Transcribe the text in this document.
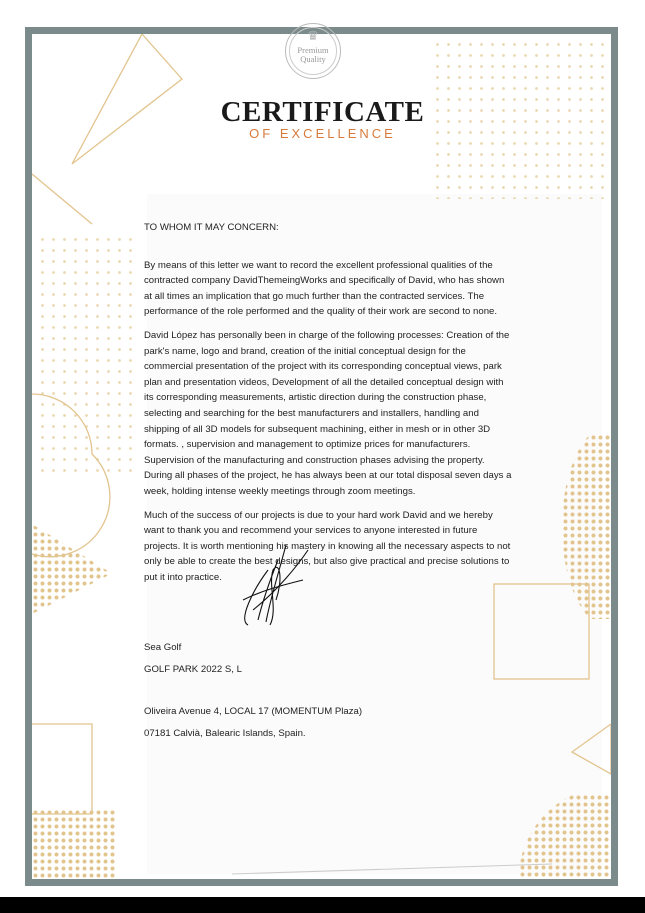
♛
Premium
Quality
CERTIFICATE
OF EXCELLENCE

TO WHOM IT MAY CONCERN:

By means of this letter we want to record the excellent professional qualities of the contracted company DavidThemeingWorks and specifically of David, who has shown at all times an implication that go much further than the contracted services. The performance of the role performed and the quality of their work are second to none.

David López has personally been in charge of the following processes: Creation of the park's name, logo and brand, creation of the initial conceptual design for the commercial presentation of the project with its corresponding conceptual views, park plan and presentation videos, Development of all the detailed conceptual design with its corresponding measurements, artistic direction during the construction phase, selecting and searching for the best manufacturers and installers, handling and shipping of all 3D models for subsequent machining, either in mesh or in other 3D formats. , supervision and management to optimize prices for manufacturers. Supervision of the manufacturing and construction phases advising the property. During all phases of the project, he has always been at our total disposal seven days a week, holding intense weekly meetings through zoom meetings.

Much of the success of our projects is due to your hard work David and we hereby want to thank you and recommend your services to anyone interested in future projects. It is worth mentioning his mastery in knowing all the necessary aspects to not only be able to create the best designs, but also give practical and precise solutions to put it into practice.

Sea Golf
GOLF PARK 2022 S, L
Oliveira Avenue 4, LOCAL 17 (MOMENTUM Plaza)
07181 Calvià, Balearic Islands, Spain.
